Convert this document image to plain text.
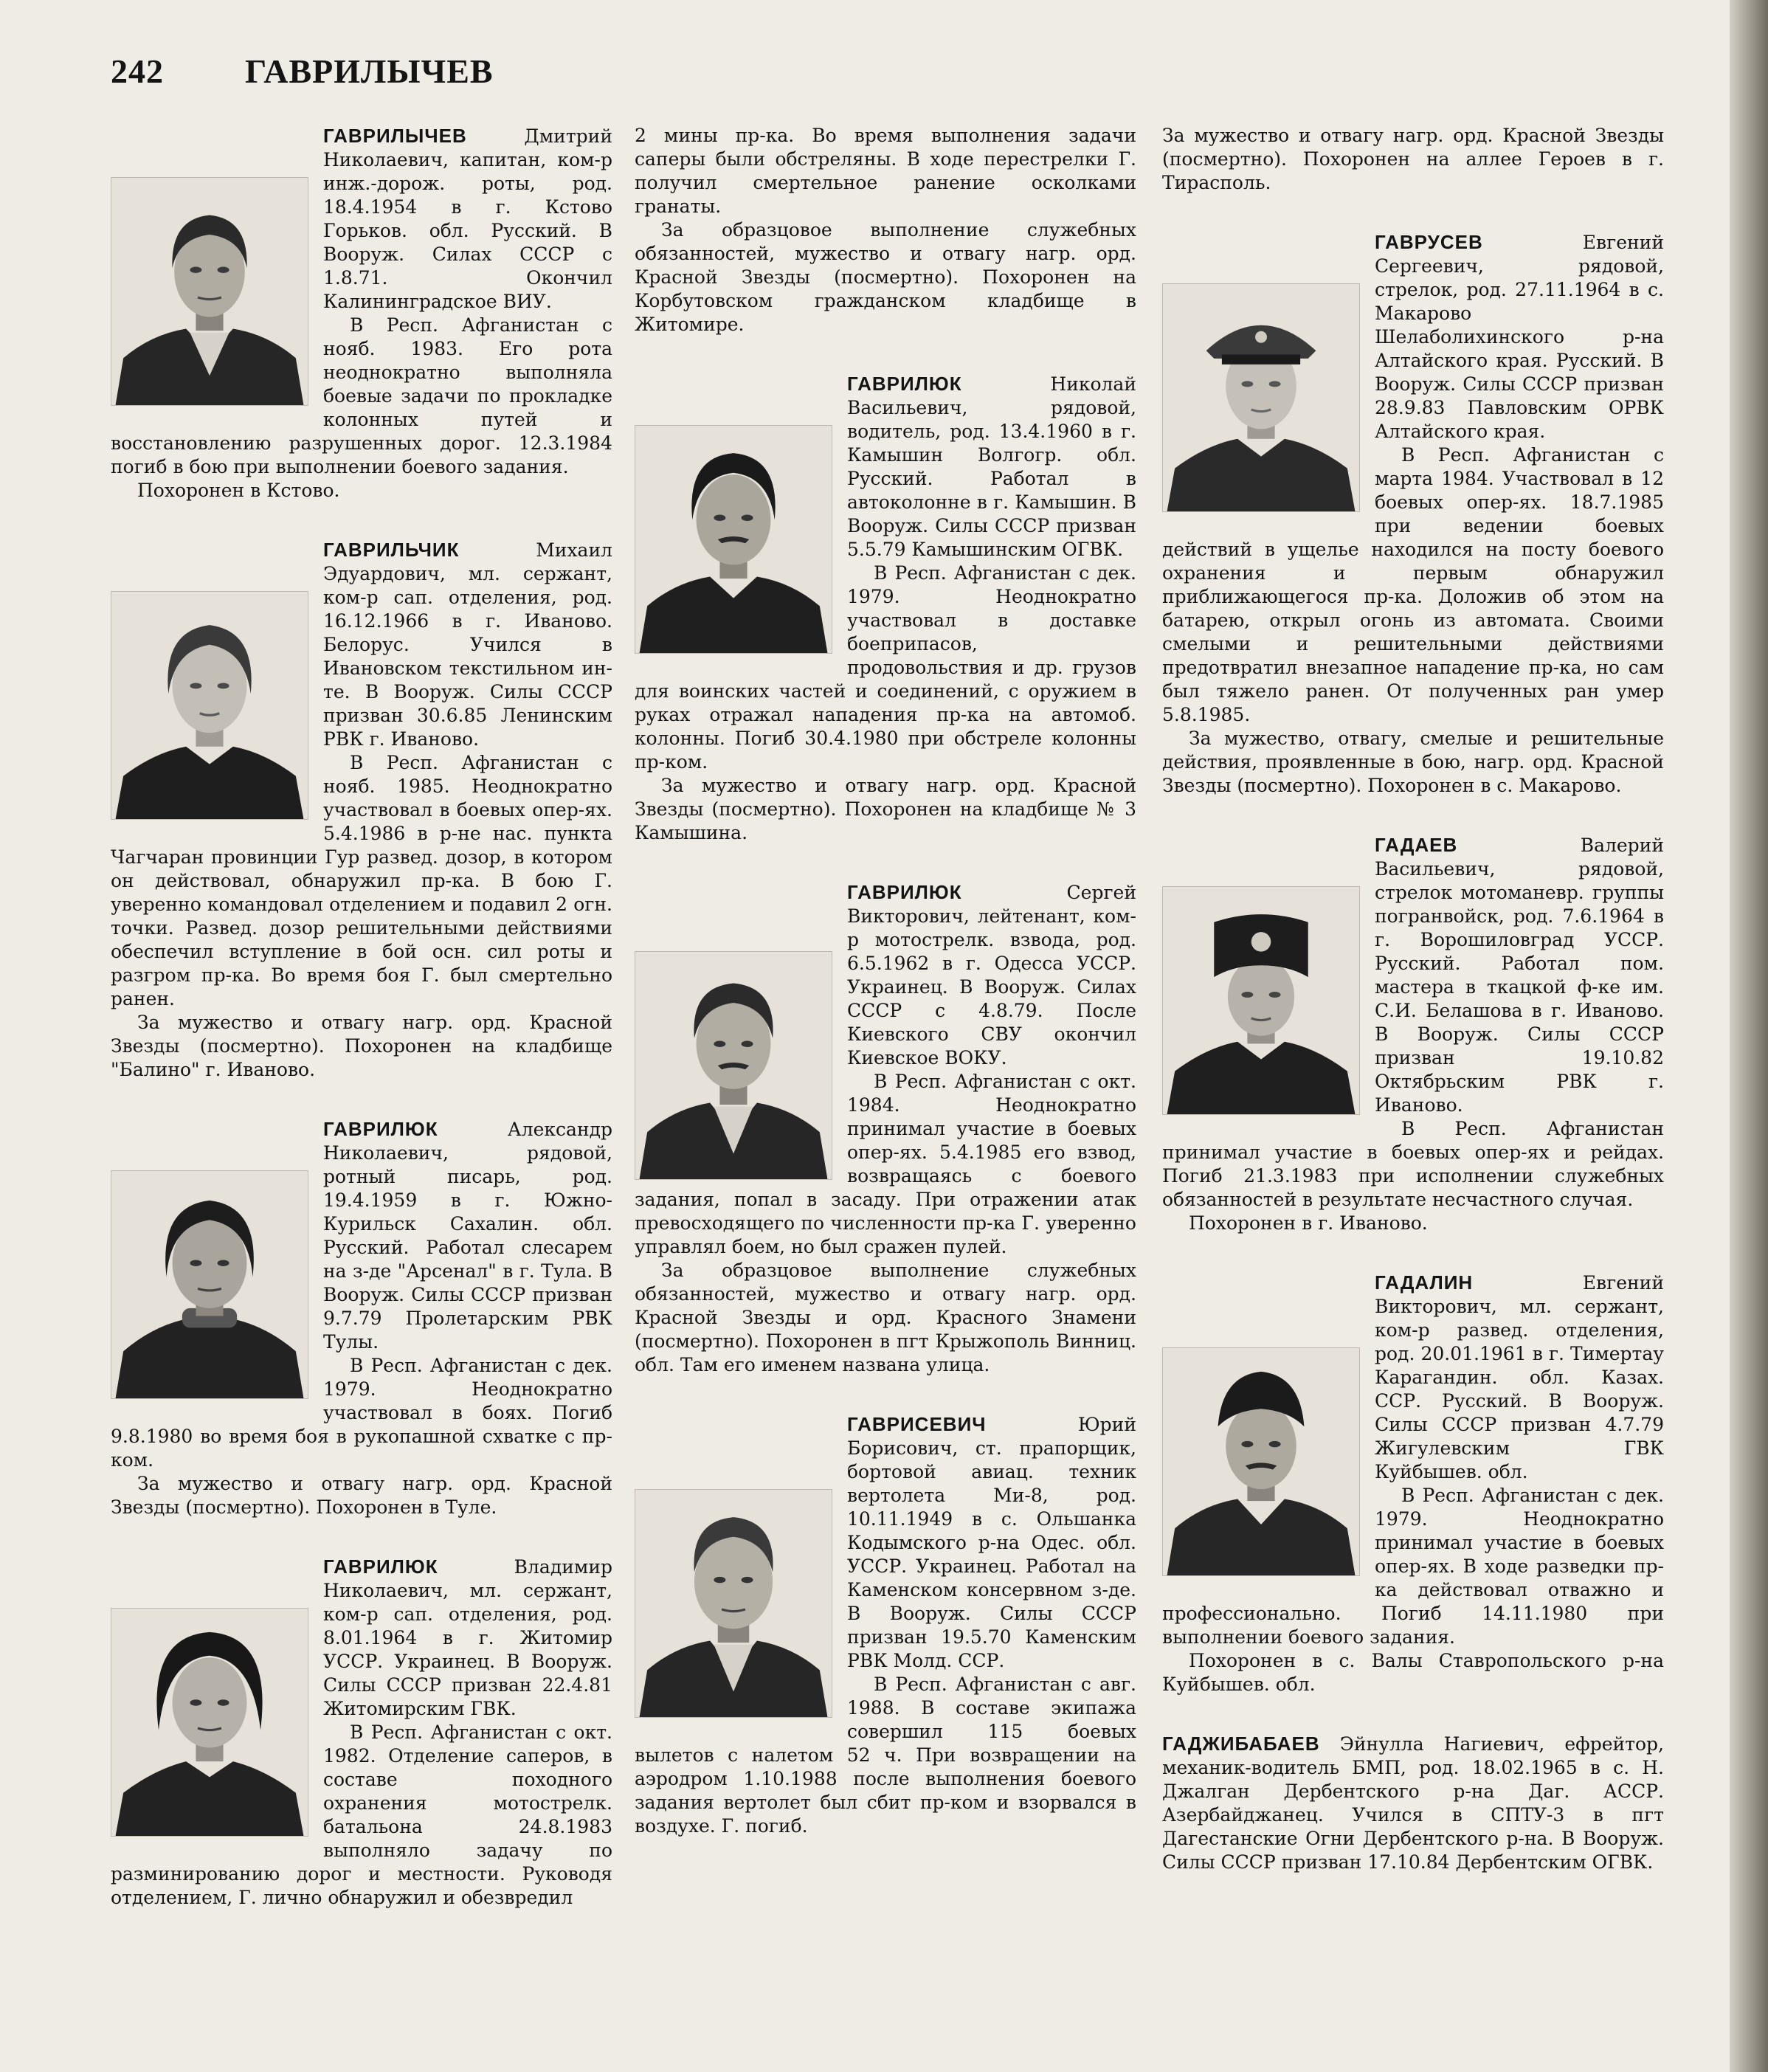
242 ГАВРИЛЫЧЕВ

ГАВРИЛЫЧЕВ	Дмитрий Николаевич, капитан, ком-р инж.-дорож. роты, род. 18.4.1954 в г. Кстово Горьков. обл. Русский. В Вооруж. Силах СССР с 1.8.71. Окончил Калининградское ВИУ.

В Респ. Афганистан с нояб. 1983. Его рота неоднократно выполняла боевые задачи по прокладке колонных путей и восстановлению разрушенных дорог. 12.3.1984 погиб в бою при выполнении боевого задания.

Похоронен в Кстово.

ГАВРИЛЬЧИК	Михаил Эдуардович, мл. сержант, ком-р сап. отделения, род. 16.12.1966 в г. Иваново. Белорус. Учился в Ивановском текстильном ин-те. В Вооруж. Силы СССР призван 30.6.85 Ленинским РВК г. Иваново.

В Респ. Афганистан с нояб. 1985. Неоднократно участвовал в боевых опер-ях. 5.4.1986 в р-не нас. пункта Чагчаран провинции Гур развед. дозор, в котором он действовал, обнаружил пр-ка. В бою Г. уверенно командовал отделением и подавил 2 огн. точки. Развед. дозор решительными действиями обеспечил вступление в бой осн. сил роты и разгром пр-ка. Во время боя Г. был смертельно ранен.

За мужество и отвагу нагр. орд. Красной Звезды (посмертно). Похоронен на кладбище "Балино" г. Иваново.

ГАВРИЛЮК	Александр Николаевич, рядовой, ротный писарь, род. 19.4.1959 в г. Южно-Курильск Сахалин. обл. Русский. Работал слесарем на з-де "Арсенал" в г. Тула. В Вооруж. Силы СССР призван 9.7.79 Пролетарским РВК Тулы.

В Респ. Афганистан с дек. 1979. Неоднократно участвовал в боях. Погиб 9.8.1980 во время боя в рукопашной схватке с пр-ком.

За мужество и отвагу нагр. орд. Красной Звезды (посмертно). Похоронен в Туле.

ГАВРИЛЮК	Владимир Николаевич, мл. сержант, ком-р сап. отделения, род. 8.01.1964 в г. Житомир УССР. Украинец. В Вооруж. Силы СССР призван 22.4.81 Житомирским ГВК.

В Респ. Афганистан с окт. 1982. Отделение саперов, в составе походного охранения мотострелк. батальона 24.8.1983 выполняло задачу по разминированию дорог и местности. Руководя отделением, Г. лично обнаружил и обезвредил

2 мины пр-ка. Во время выполнения задачи саперы были обстреляны. В ходе перестрелки Г. получил смертельное ранение осколками гранаты.

За образцовое выполнение служебных обязанностей, мужество и отвагу нагр. орд. Красной Звезды (посмертно). Похоронен на Корбутовском гражданском кладбище в Житомире.

ГАВРИЛЮК	Николай Васильевич, рядовой, водитель, род. 13.4.1960 в г. Камышин Волгогр. обл. Русский. Работал в автоколонне в г. Камышин. В Вооруж. Силы СССР призван 5.5.79 Камышинским ОГВК.

В Респ. Афганистан с дек. 1979. Неоднократно участвовал в доставке боеприпасов, продовольствия и др. грузов для воинских частей и соединений, с оружием в руках отражал нападения пр-ка на автомоб. колонны. Погиб 30.4.1980 при обстреле колонны пр-ком.

За мужество и отвагу нагр. орд. Красной Звезды (посмертно). Похоронен на кладбище № 3 Камышина.

ГАВРИЛЮК	Сергей Викторович, лейтенант, ком-р мотострелк. взвода, род. 6.5.1962 в г. Одесса УССР. Украинец. В Вооруж. Силах СССР с 4.8.79. После Киевского СВУ окончил Киевское ВОКУ.

В Респ. Афганистан с окт. 1984. Неоднократно принимал участие в боевых опер-ях. 5.4.1985 его взвод, возвращаясь с боевого задания, попал в засаду. При отражении атак превосходящего по численности пр-ка Г. уверенно управлял боем, но был сражен пулей.

За образцовое выполнение служебных обязанностей, мужество и отвагу нагр. орд. Красной Звезды и орд. Красного Знамени (посмертно). Похоронен в пгт Крыжополь Винниц. обл. Там его именем названа улица.

ГАВРИСЕВИЧ	Юрий Борисович, ст. прапорщик, бортовой авиац. техник вертолета Ми-8, род. 10.11.1949 в с. Ольшанка Кодымского р-на Одес. обл. УССР. Украинец. Работал на Каменском консервном з-де. В Вооруж. Силы СССР призван 19.5.70 Каменским РВК Молд. ССР.

В Респ. Афганистан с авг. 1988. В составе экипажа совершил 115 боевых вылетов с налетом 52 ч. При возвращении на аэродром 1.10.1988 после выполнения боевого задания вертолет был сбит пр-ком и взорвался в воздухе. Г. погиб.

За мужество и отвагу нагр. орд. Красной Звезды (посмертно). Похоронен на аллее Героев в г. Тирасполь.

ГАВРУСЕВ	Евгений Сергеевич, рядовой, стрелок, род. 27.11.1964 в с. Макарово Шелаболихинского р-на Алтайского края. Русский. В Вооруж. Силы СССР призван 28.9.83 Павловским ОРВК Алтайского края.

В Респ. Афганистан с марта 1984. Участвовал в 12 боевых опер-ях. 18.7.1985 при ведении боевых действий в ущелье находился на посту боевого охранения и первым обнаружил приближающегося пр-ка. Доложив об этом на батарею, открыл огонь из автомата. Своими смелыми и решительными действиями предотвратил внезапное нападение пр-ка, но сам был тяжело ранен. От полученных ран умер 5.8.1985.

За мужество, отвагу, смелые и решительные действия, проявленные в бою, нагр. орд. Красной Звезды (посмертно). Похоронен в с. Макарово.

ГАДАЕВ	Валерий Васильевич, рядовой, стрелок мотоманевр. группы погранвойск, род. 7.6.1964 в г. Ворошиловград УССР. Русский. Работал пом. мастера в ткацкой ф-ке им. С.И. Белашова в г. Иваново. В Вооруж. Силы СССР призван 19.10.82 Октябрьским РВК г. Иваново.

В Респ. Афганистан принимал участие в боевых опер-ях и рейдах. Погиб 21.3.1983 при исполнении служебных обязанностей в результате несчастного случая.

Похоронен в г. Иваново.

ГАДАЛИН	Евгений Викторович, мл. сержант, ком-р развед. отделения, род. 20.01.1961 в г. Тимертау Карагандин. обл. Казах. ССР. Русский. В Вооруж. Силы СССР призван 4.7.79 Жигулевским ГВК Куйбышев. обл.

В Респ. Афганистан с дек. 1979. Неоднократно принимал участие в боевых опер-ях. В ходе разведки пр-ка действовал отважно и профессионально. Погиб 14.11.1980 при выполнении боевого задания.

Похоронен в с. Валы Ставропольского р-на Куйбышев. обл.

ГАДЖИБАБАЕВ Эйнулла Нагиевич, ефрейтор, механик-водитель БМП, род. 18.02.1965 в с. Н. Джалган Дербентского р-на Даг. АССР. Азербайджанец. Учился в СПТУ-3 в пгт Дагестанские Огни Дербентского р-на. В Вооруж. Силы СССР призван 17.10.84 Дербентским ОГВК.
